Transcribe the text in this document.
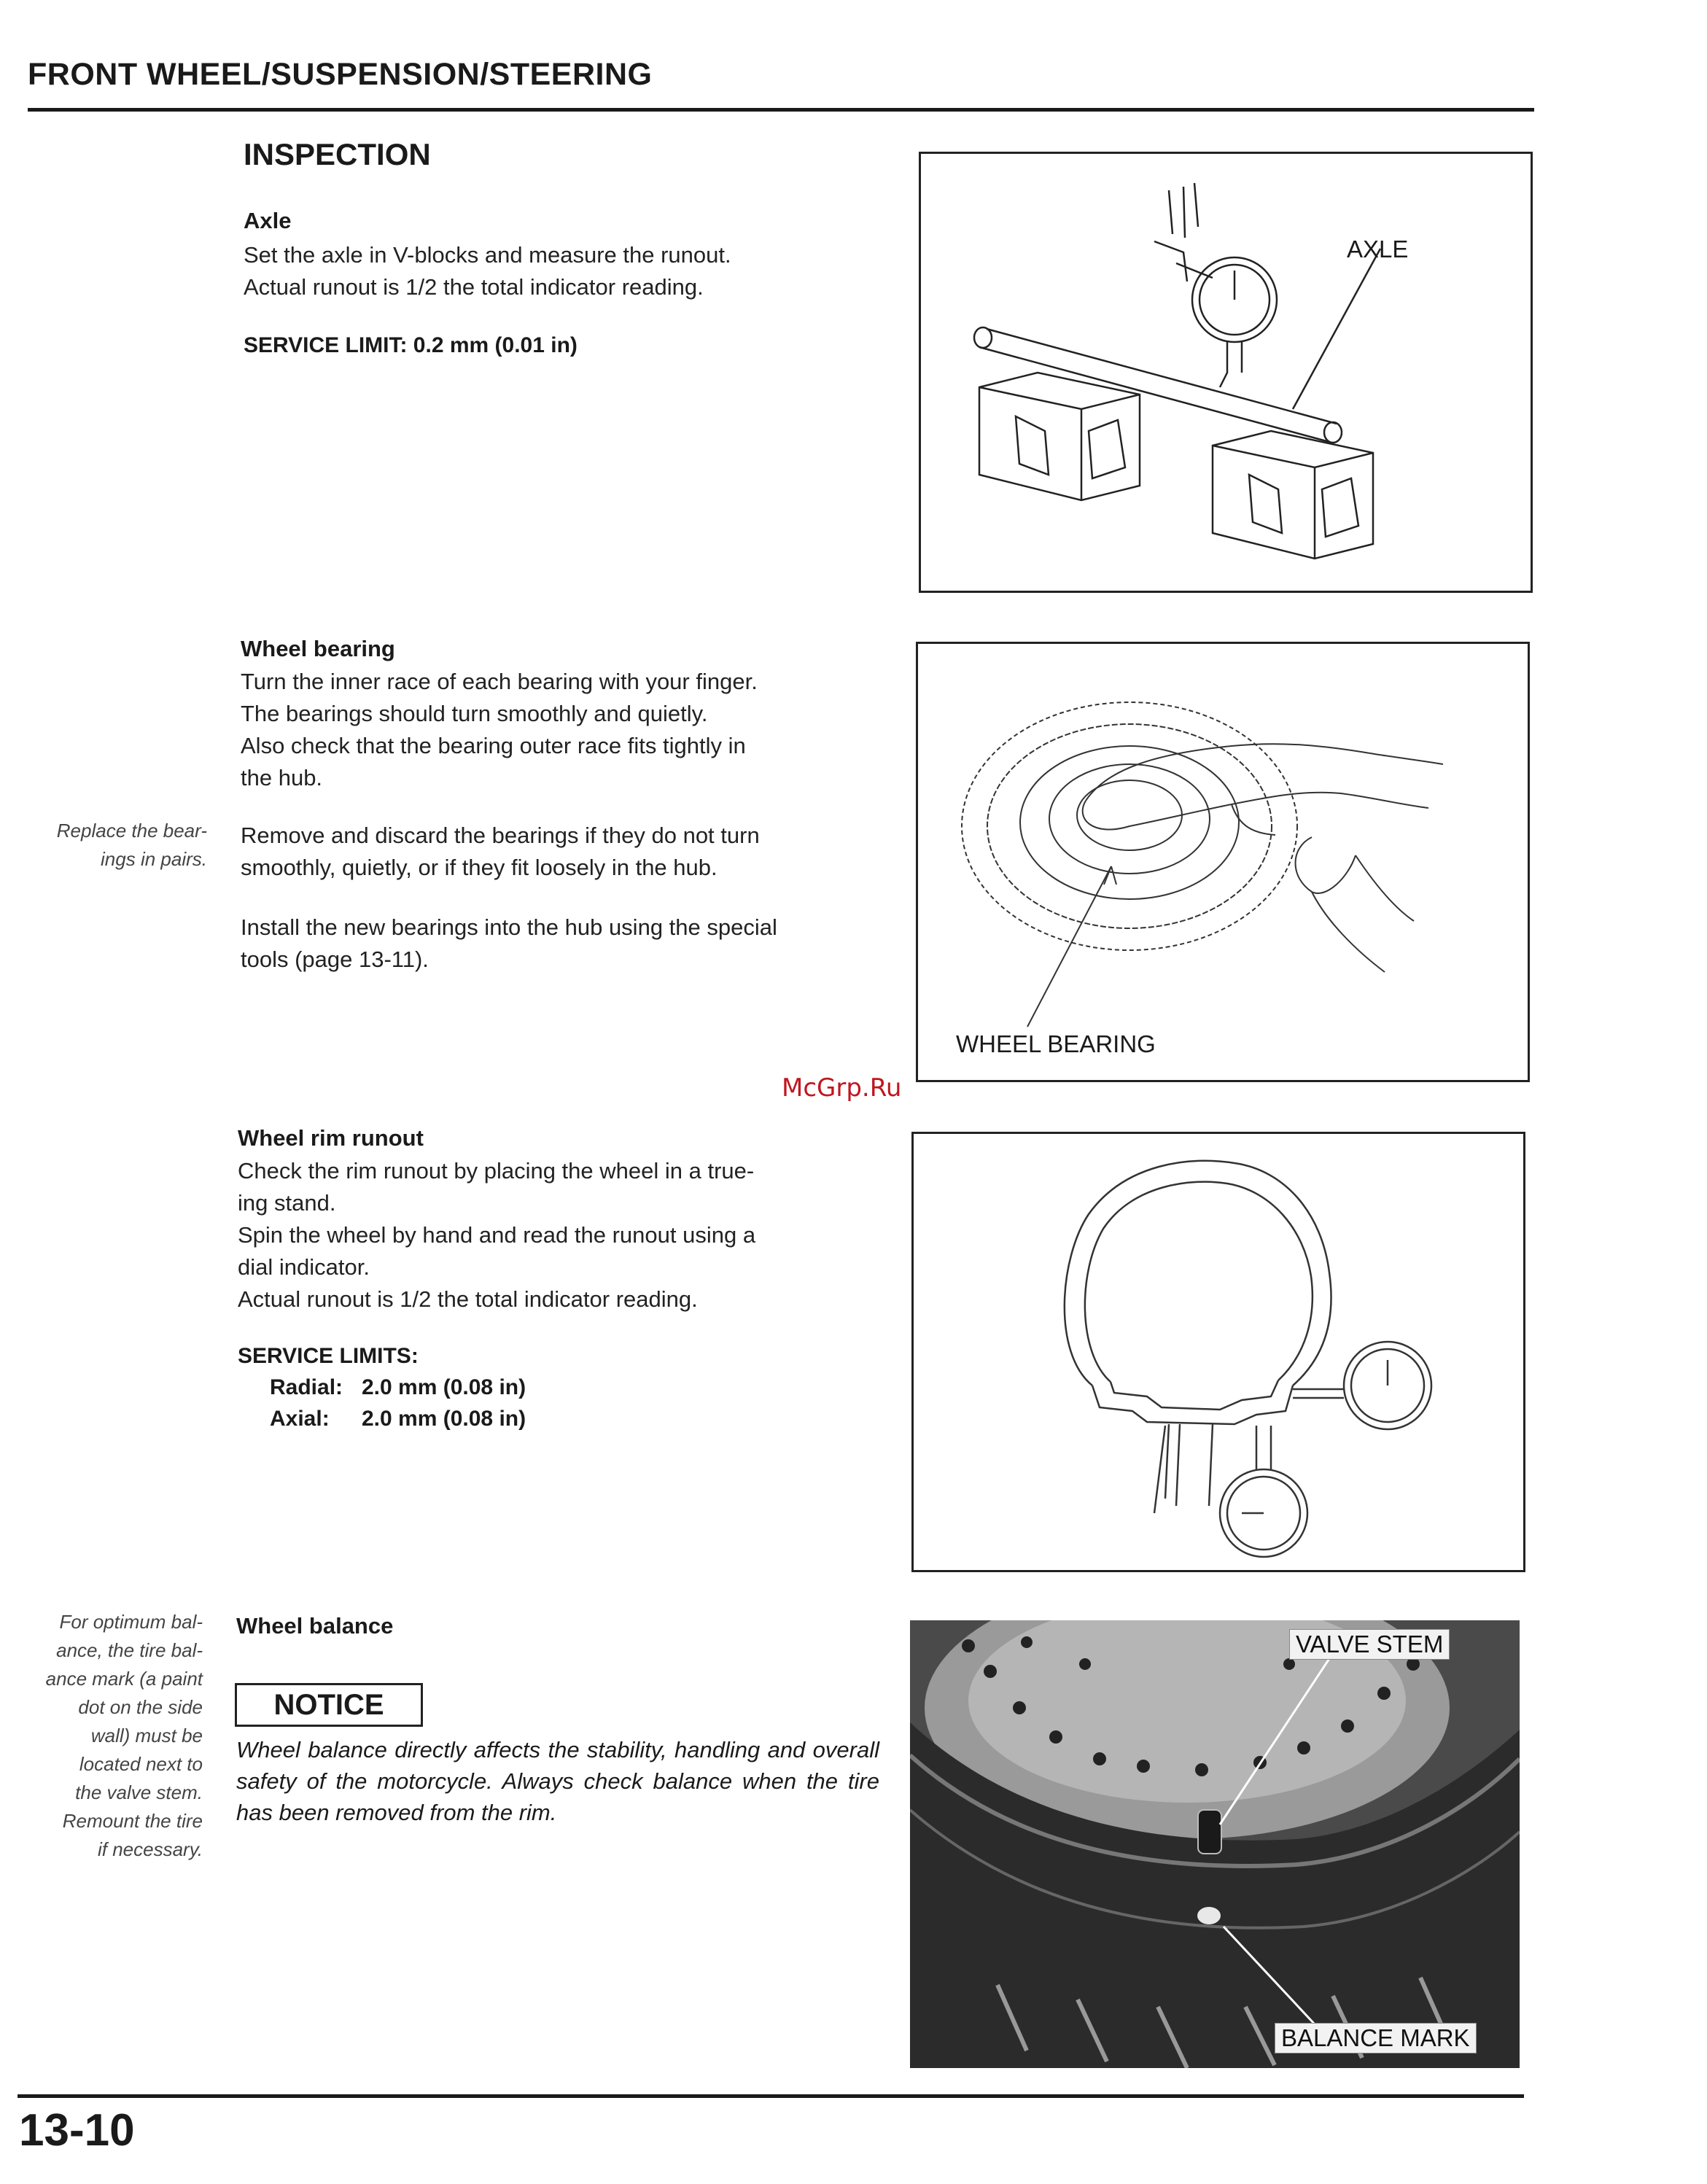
FRONT WHEEL/SUSPENSION/STEERING
INSPECTION
Axle

Set the axle in V-blocks and measure the runout.

Actual runout is 1/2 the total indicator reading.

SERVICE LIMIT: 0.2 mm (0.01 in)
AXLE
Wheel bearing

Turn the inner race of each bearing with your finger.

The bearings should turn smoothly and quietly.

Also check that the bearing outer race fits tightly in

the hub.

Replace the bear-
ings in pairs.

Remove and discard the bearings if they do not turn

smoothly, quietly, or if they fit loosely in the hub.

Install the new bearings into the hub using the special

tools (page 13-11).

WHEEL BEARING
Wheel rim runout

Check the rim runout by placing the wheel in a true-

ing stand.

Spin the wheel by hand and read the runout using a

dial indicator.

Actual runout is 1/2 the total indicator reading.

SERVICE LIMITS:
Radial: 2.0 mm (0.08 in)
Axial: 2.0 mm (0.08 in)
Wheel balance
For optimum bal-
ance, the tire bal-
ance mark (a paint
dot on the side
wall) must be
located next to
the valve stem.
Remount the tire
if necessary.
NOTICE
Wheel balance directly affects the stability, handling and overall safety of the motorcycle. Always check balance when the tire has been removed from the rim.
VALVE STEM
BALANCE MARK
McGrp.Ru
13-10
